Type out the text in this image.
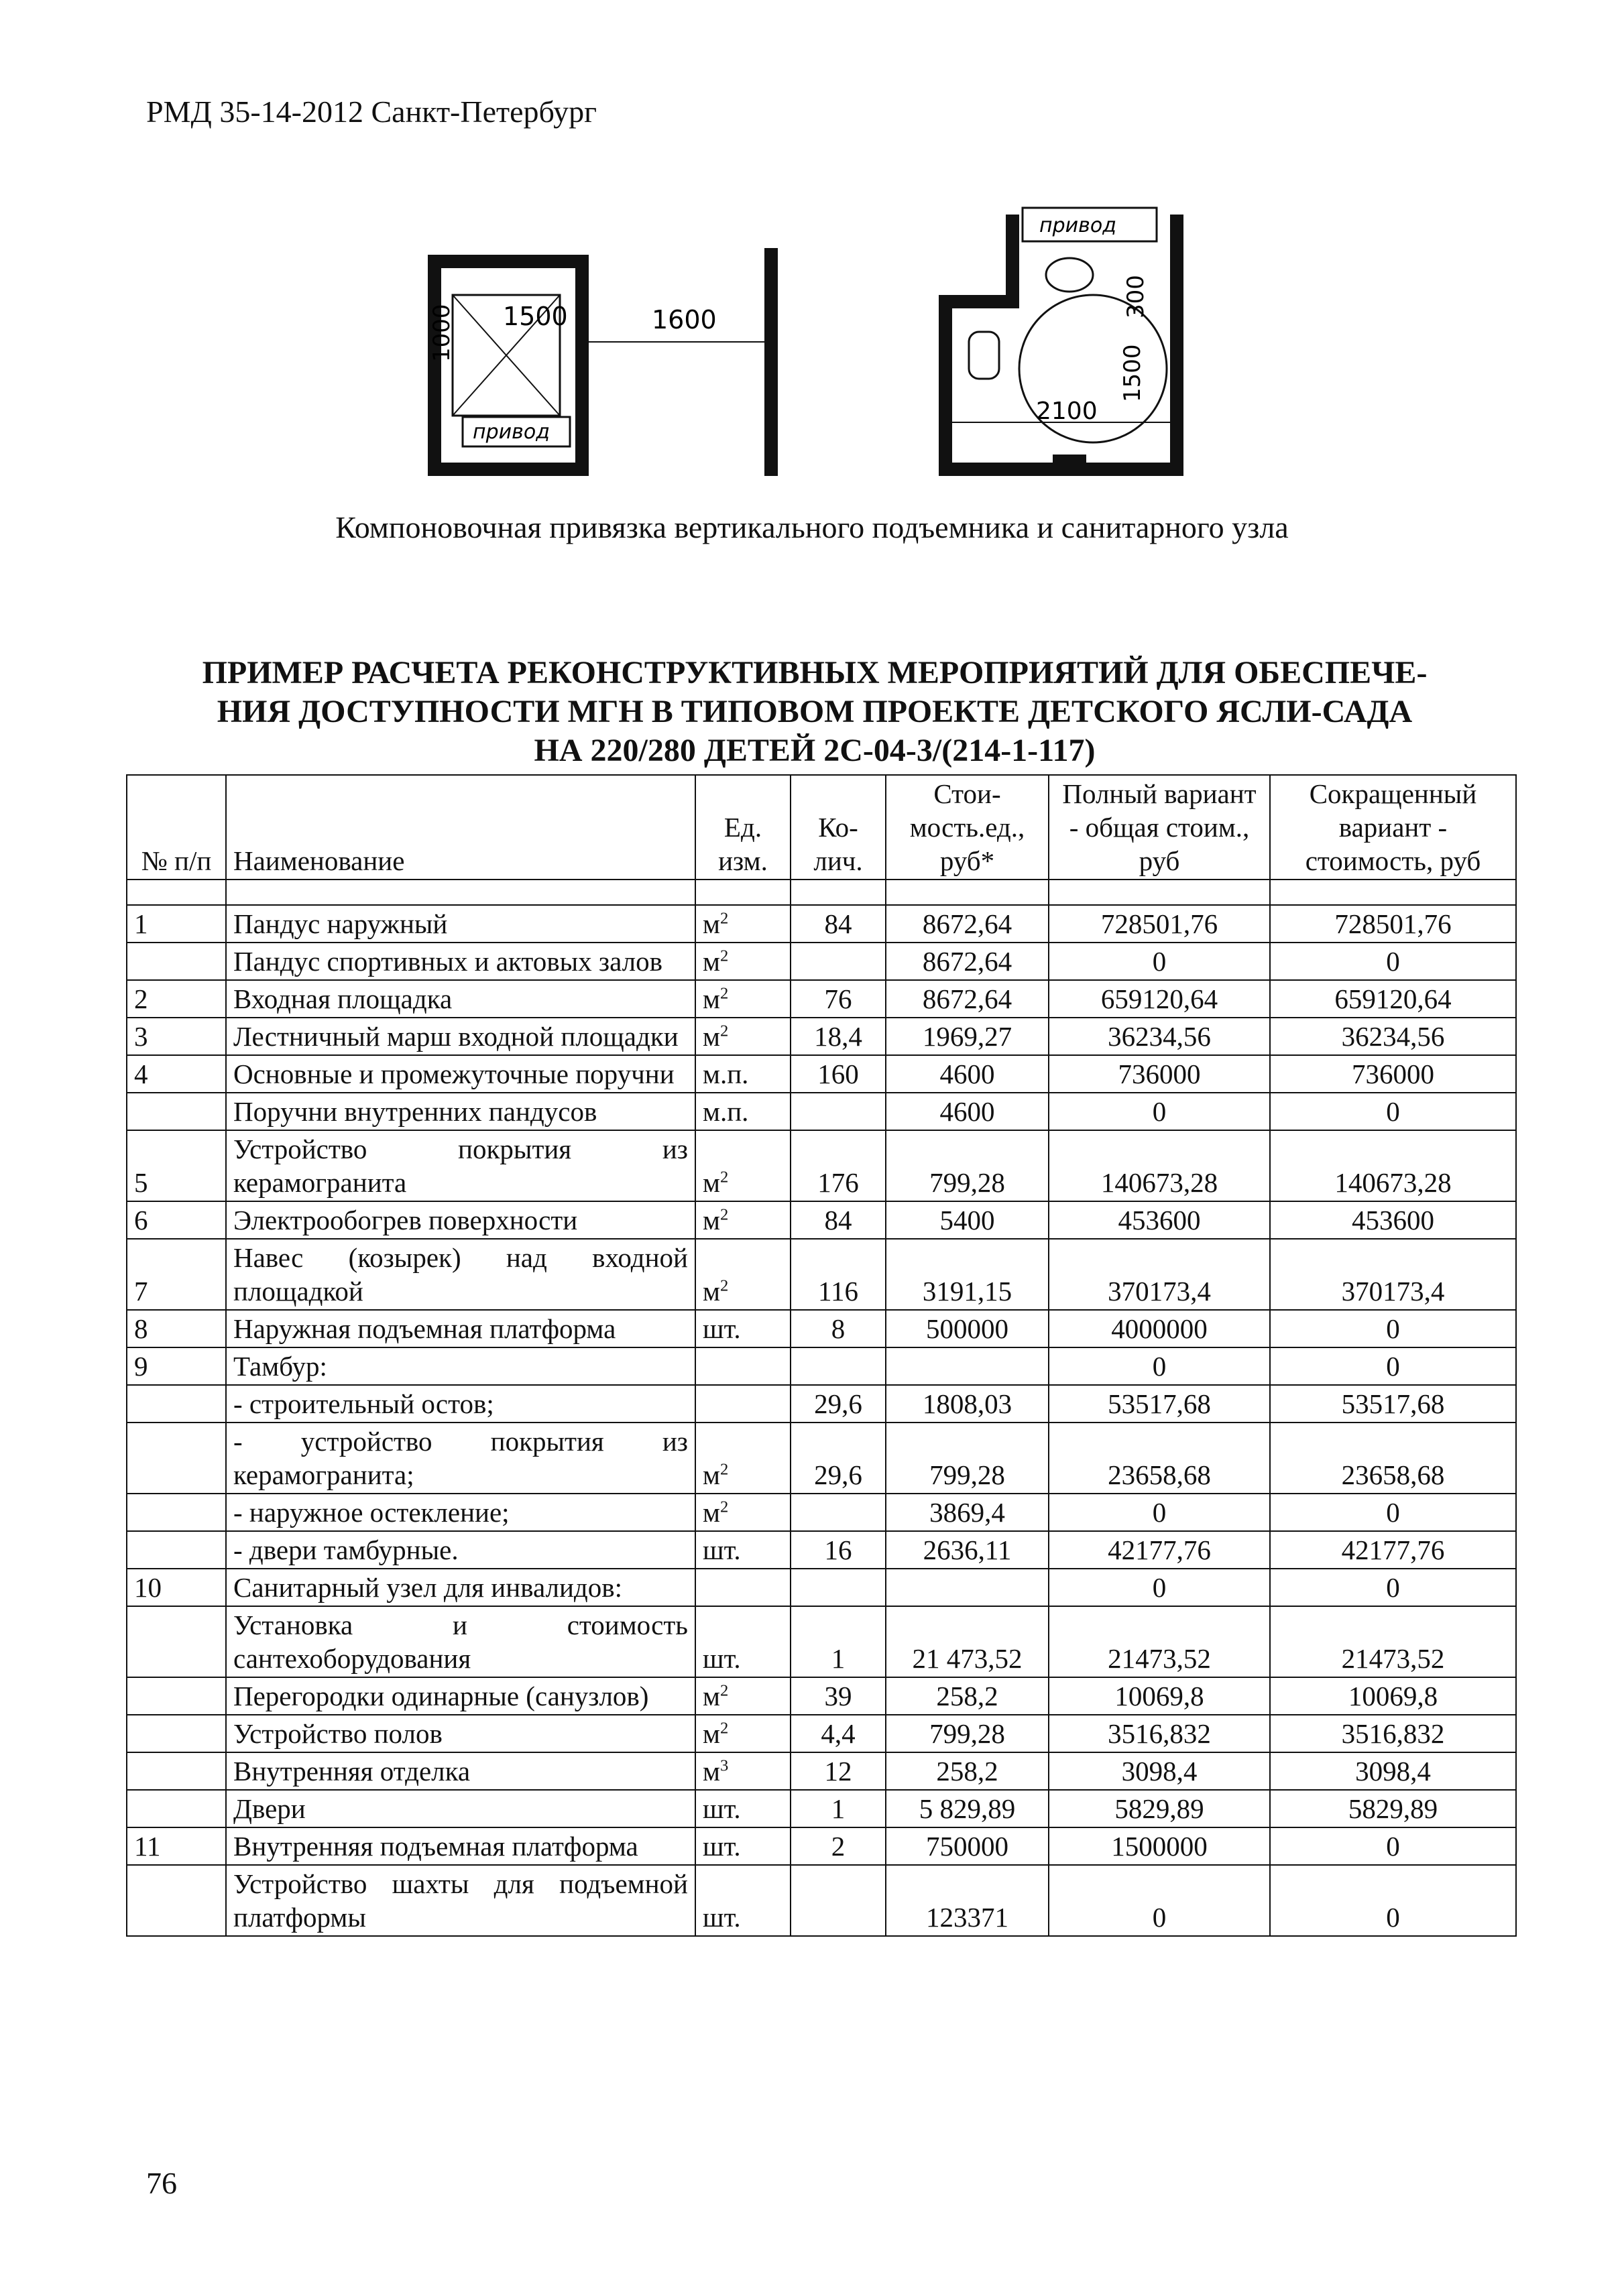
РМД 35-14-2012 Санкт-Петербург
1000 1500	1600
привод
привод
2100
1500
300
Компоновочная привязка вертикального подъемника и санитарного узла
ПРИМЕР РАСЧЕТА РЕКОНСТРУКТИВНЫХ МЕРОПРИЯТИЙ ДЛЯ ОБЕСПЕЧЕ-
НИЯ ДОСТУПНОСТИ МГН В ТИПОВОМ ПРОЕКТЕ ДЕТСКОГО ЯСЛИ-САДА
НА 220/280 ДЕТЕЙ 2С-04-3/(214-1-117)
№ п/п	Наименование	Ед. изм.	Ко-лич.	Стои-мость.ед., руб*	Полный вариант - общая стоим., руб	Сокращенный вариант - стоимость, руб

1	Пандус наружный	$м^2$	84	8672,64	728501,76	728501,76
	Пандус спортивных и актовых залов	$м^2$		8672,64	0	0
2	Входная площадка	$м^2$	76	8672,64	659120,64	659120,64
3	Лестничный марш входной площадки	$м^2$	18,4	1969,27	36234,56	36234,56
4	Основные и промежуточные поручни	м.п.	160	4600	736000	736000
	Поручни внутренних пандусов	м.п.		4600	0	0
5	Устройство покрытия из керамогранита	$м^2$	176	799,28	140673,28	140673,28
6	Электрообогрев поверхности	$м^2$	84	5400	453600	453600
7	Навес (козырек) над входной площадкой	$м^2$	116	3191,15	370173,4	370173,4
8	Наружная подъемная платформа	шт.	8	500000	4000000	0
9	Тамбур:				0	0
	- строительный остов;		29,6	1808,03	53517,68	53517,68
	- устройство покрытия из керамогранита;	$м^2$	29,6	799,28	23658,68	23658,68
	- наружное остекление;	$м^2$		3869,4	0	0
	- двери тамбурные.	шт.	16	2636,11	42177,76	42177,76
10	Санитарный узел для инвалидов:				0	0
	Установка и стоимость сантехоборудования	шт.	1	21 473,52	21473,52	21473,52
	Перегородки одинарные (санузлов)	$м^2$	39	258,2	10069,8	10069,8
	Устройство полов	$м^2$	4,4	799,28	3516,832	3516,832
	Внутренняя отделка	$м^3$	12	258,2	3098,4	3098,4
	Двери	шт.	1	5 829,89	5829,89	5829,89
11	Внутренняя подъемная платформа	шт.	2	750000	1500000	0
	Устройство шахты для подъемной платформы	шт.		123371	0	0
76
